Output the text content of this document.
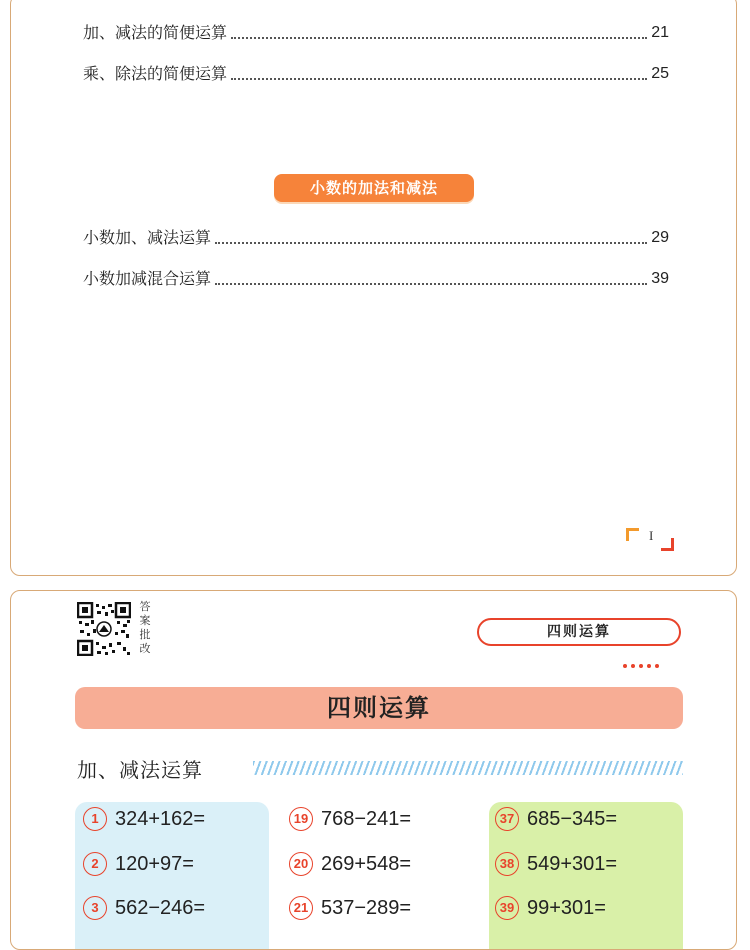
加、减法的简便运算	21
乘、除法的简便运算	25
小数的加法和减法
小数加、减法运算	29
小数加减混合运算	39
I
答
案
批
改
四则运算
四则运算
加、减法运算
1 324+162=
2 120+97=
3 562−246=
19 768−241=
20 269+548=
21 537−289=
37 685−345=
38 549+301=
39 99+301=
